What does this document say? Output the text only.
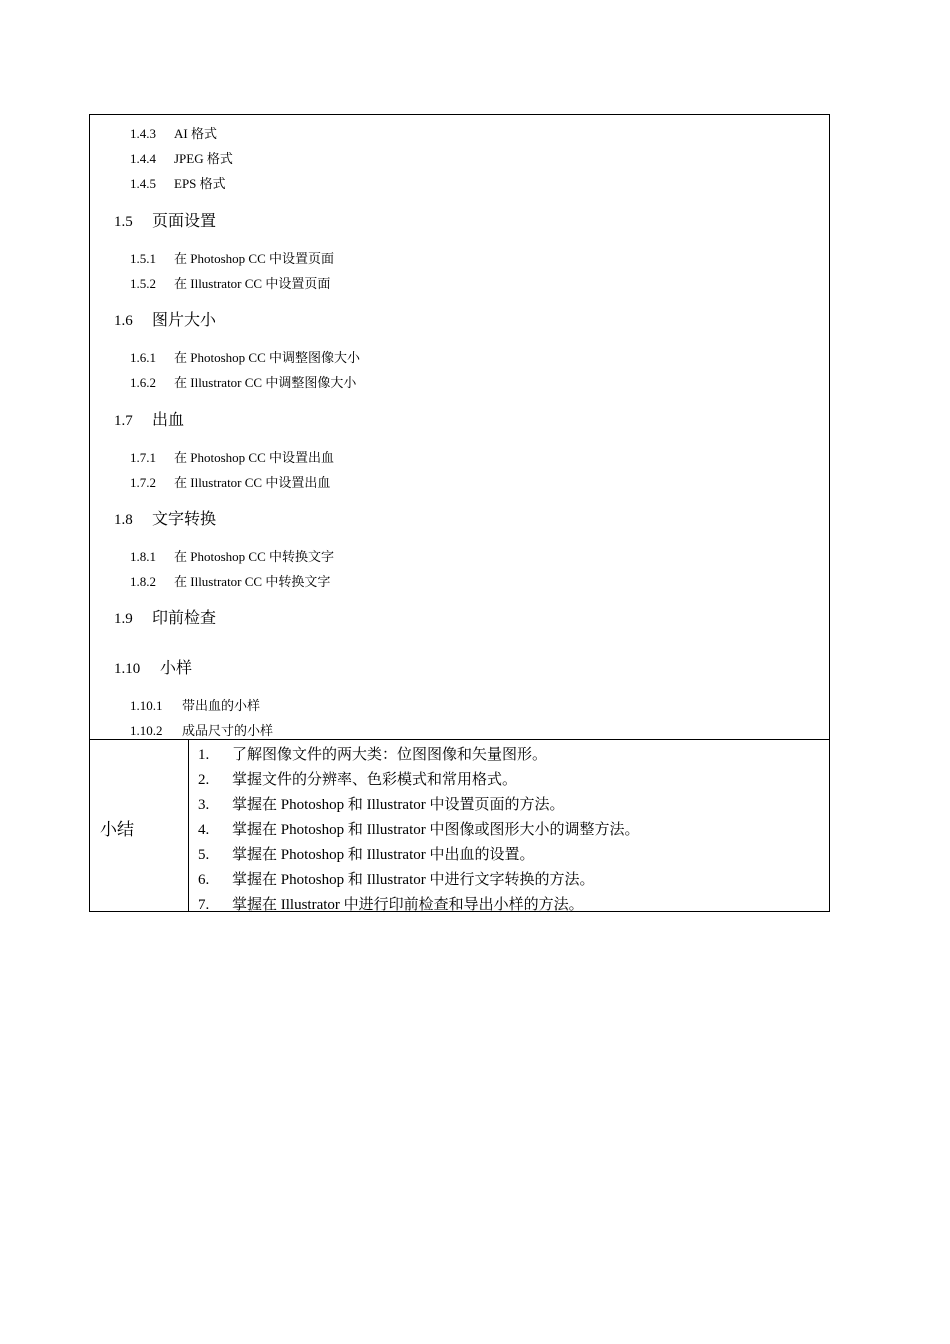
1.4.3 AI 格式
1.4.4 JPEG 格式
1.4.5 EPS 格式
1.5 页面设置
1.5.1 在 Photoshop CC 中设置页面
1.5.2 在 Illustrator CC 中设置页面
1.6 图片大小
1.6.1 在 Photoshop CC 中调整图像大小
1.6.2 在 Illustrator CC 中调整图像大小
1.7 出血
1.7.1 在 Photoshop CC 中设置出血
1.7.2 在 Illustrator CC 中设置出血
1.8 文字转换
1.8.1 在 Photoshop CC 中转换文字
1.8.2 在 Illustrator CC 中转换文字
1.9 印前检查
1.10 小样
1.10.1 带出血的小样
1.10.2 成品尺寸的小样
小结
1. 了解图像文件的两大类：位图图像和矢量图形。
2. 掌握文件的分辨率、色彩模式和常用格式。
3. 掌握在 Photoshop 和 Illustrator 中设置页面的方法。
4. 掌握在 Photoshop 和 Illustrator 中图像或图形大小的调整方法。
5. 掌握在 Photoshop 和 Illustrator 中出血的设置。
6. 掌握在 Photoshop 和 Illustrator 中进行文字转换的方法。
7. 掌握在 Illustrator 中进行印前检查和导出小样的方法。
